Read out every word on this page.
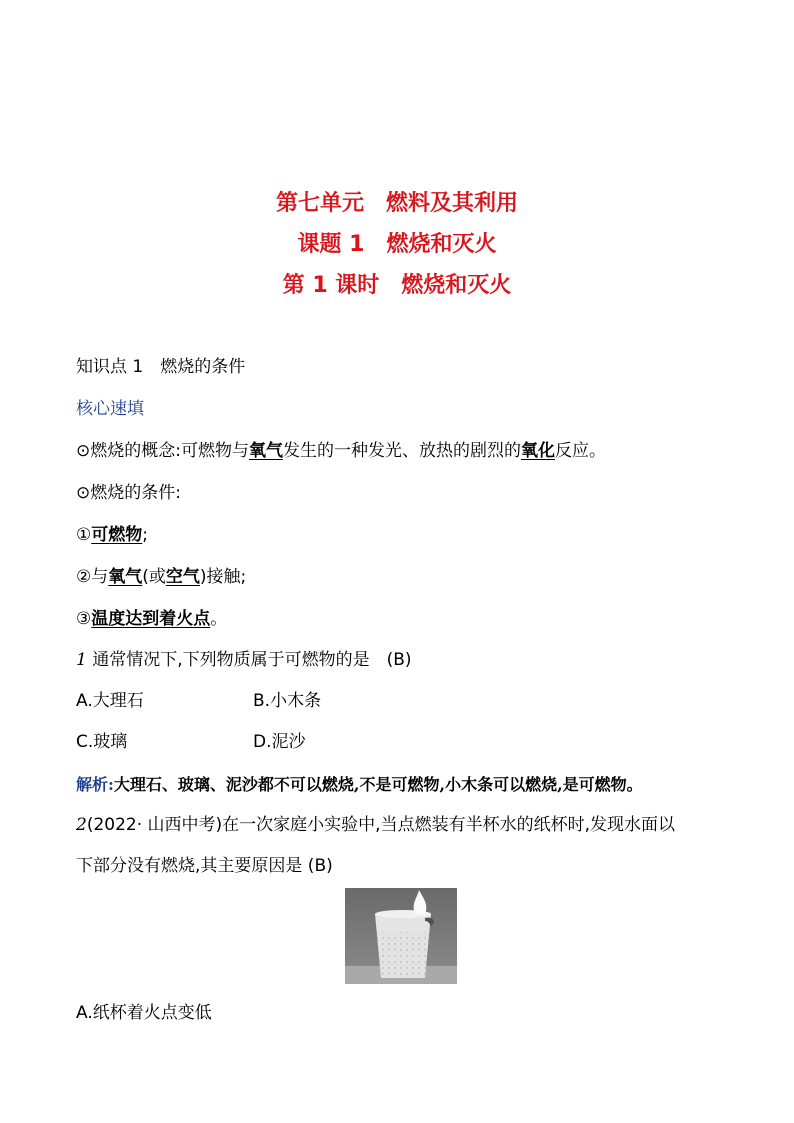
第七单元　燃料及其利用
课题 1　燃烧和灭火
第 1 课时　燃烧和灭火
知识点 1　燃烧的条件
核心速填
⊙燃烧的概念:可燃物与氧气发生的一种发光、放热的剧烈的氧化反应。
⊙燃烧的条件:
①可燃物;
②与氧气(或空气)接触;
③温度达到着火点。
1 通常情况下,下列物质属于可燃物的是　(B)
A.大理石	B.小木条
C.玻璃	D.泥沙
解析:大理石、玻璃、泥沙都不可以燃烧,不是可燃物,小木条可以燃烧,是可燃物。
2(2022· 山西中考)在一次家庭小实验中,当点燃装有半杯水的纸杯时,发现水面以
下部分没有燃烧,其主要原因是 (B)
A.纸杯着火点变低
